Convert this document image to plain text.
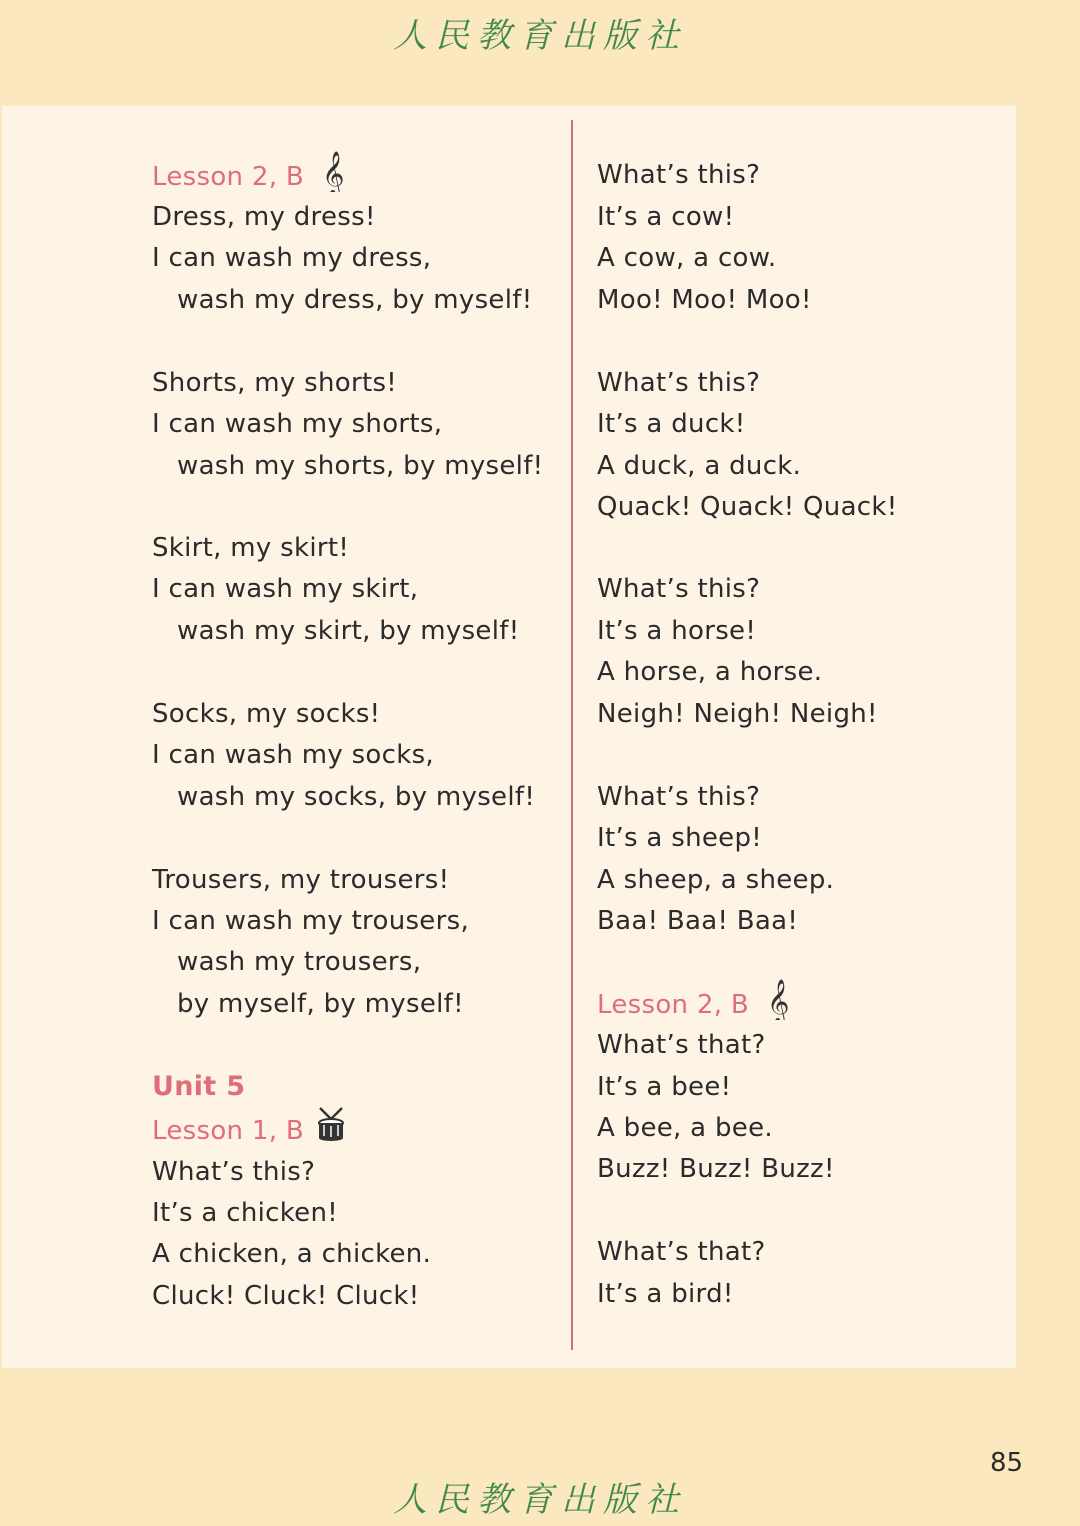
人民教育出版社
Lesson 2, B 𝄞
Dress, my dress!
I can wash my dress,
wash my dress, by myself!
Shorts, my shorts!
I can wash my shorts,
wash my shorts, by myself!
Skirt, my skirt!
I can wash my skirt,
wash my skirt, by myself!
Socks, my socks!
I can wash my socks,
wash my socks, by myself!
Trousers, my trousers!
I can wash my trousers,
wash my trousers,
by myself, by myself!
Unit 5
Lesson 1, B
What’s this?
It’s a chicken!
A chicken, a chicken.
Cluck! Cluck! Cluck!
What’s this?
It’s a cow!
A cow, a cow.
Moo! Moo! Moo!
What’s this?
It’s a duck!
A duck, a duck.
Quack! Quack! Quack!
What’s this?
It’s a horse!
A horse, a horse.
Neigh! Neigh! Neigh!
What’s this?
It’s a sheep!
A sheep, a sheep.
Baa! Baa! Baa!
Lesson 2, B 𝄞
What’s that?
It’s a bee!
A bee, a bee.
Buzz! Buzz! Buzz!
What’s that?
It’s a bird!
85
人民教育出版社
